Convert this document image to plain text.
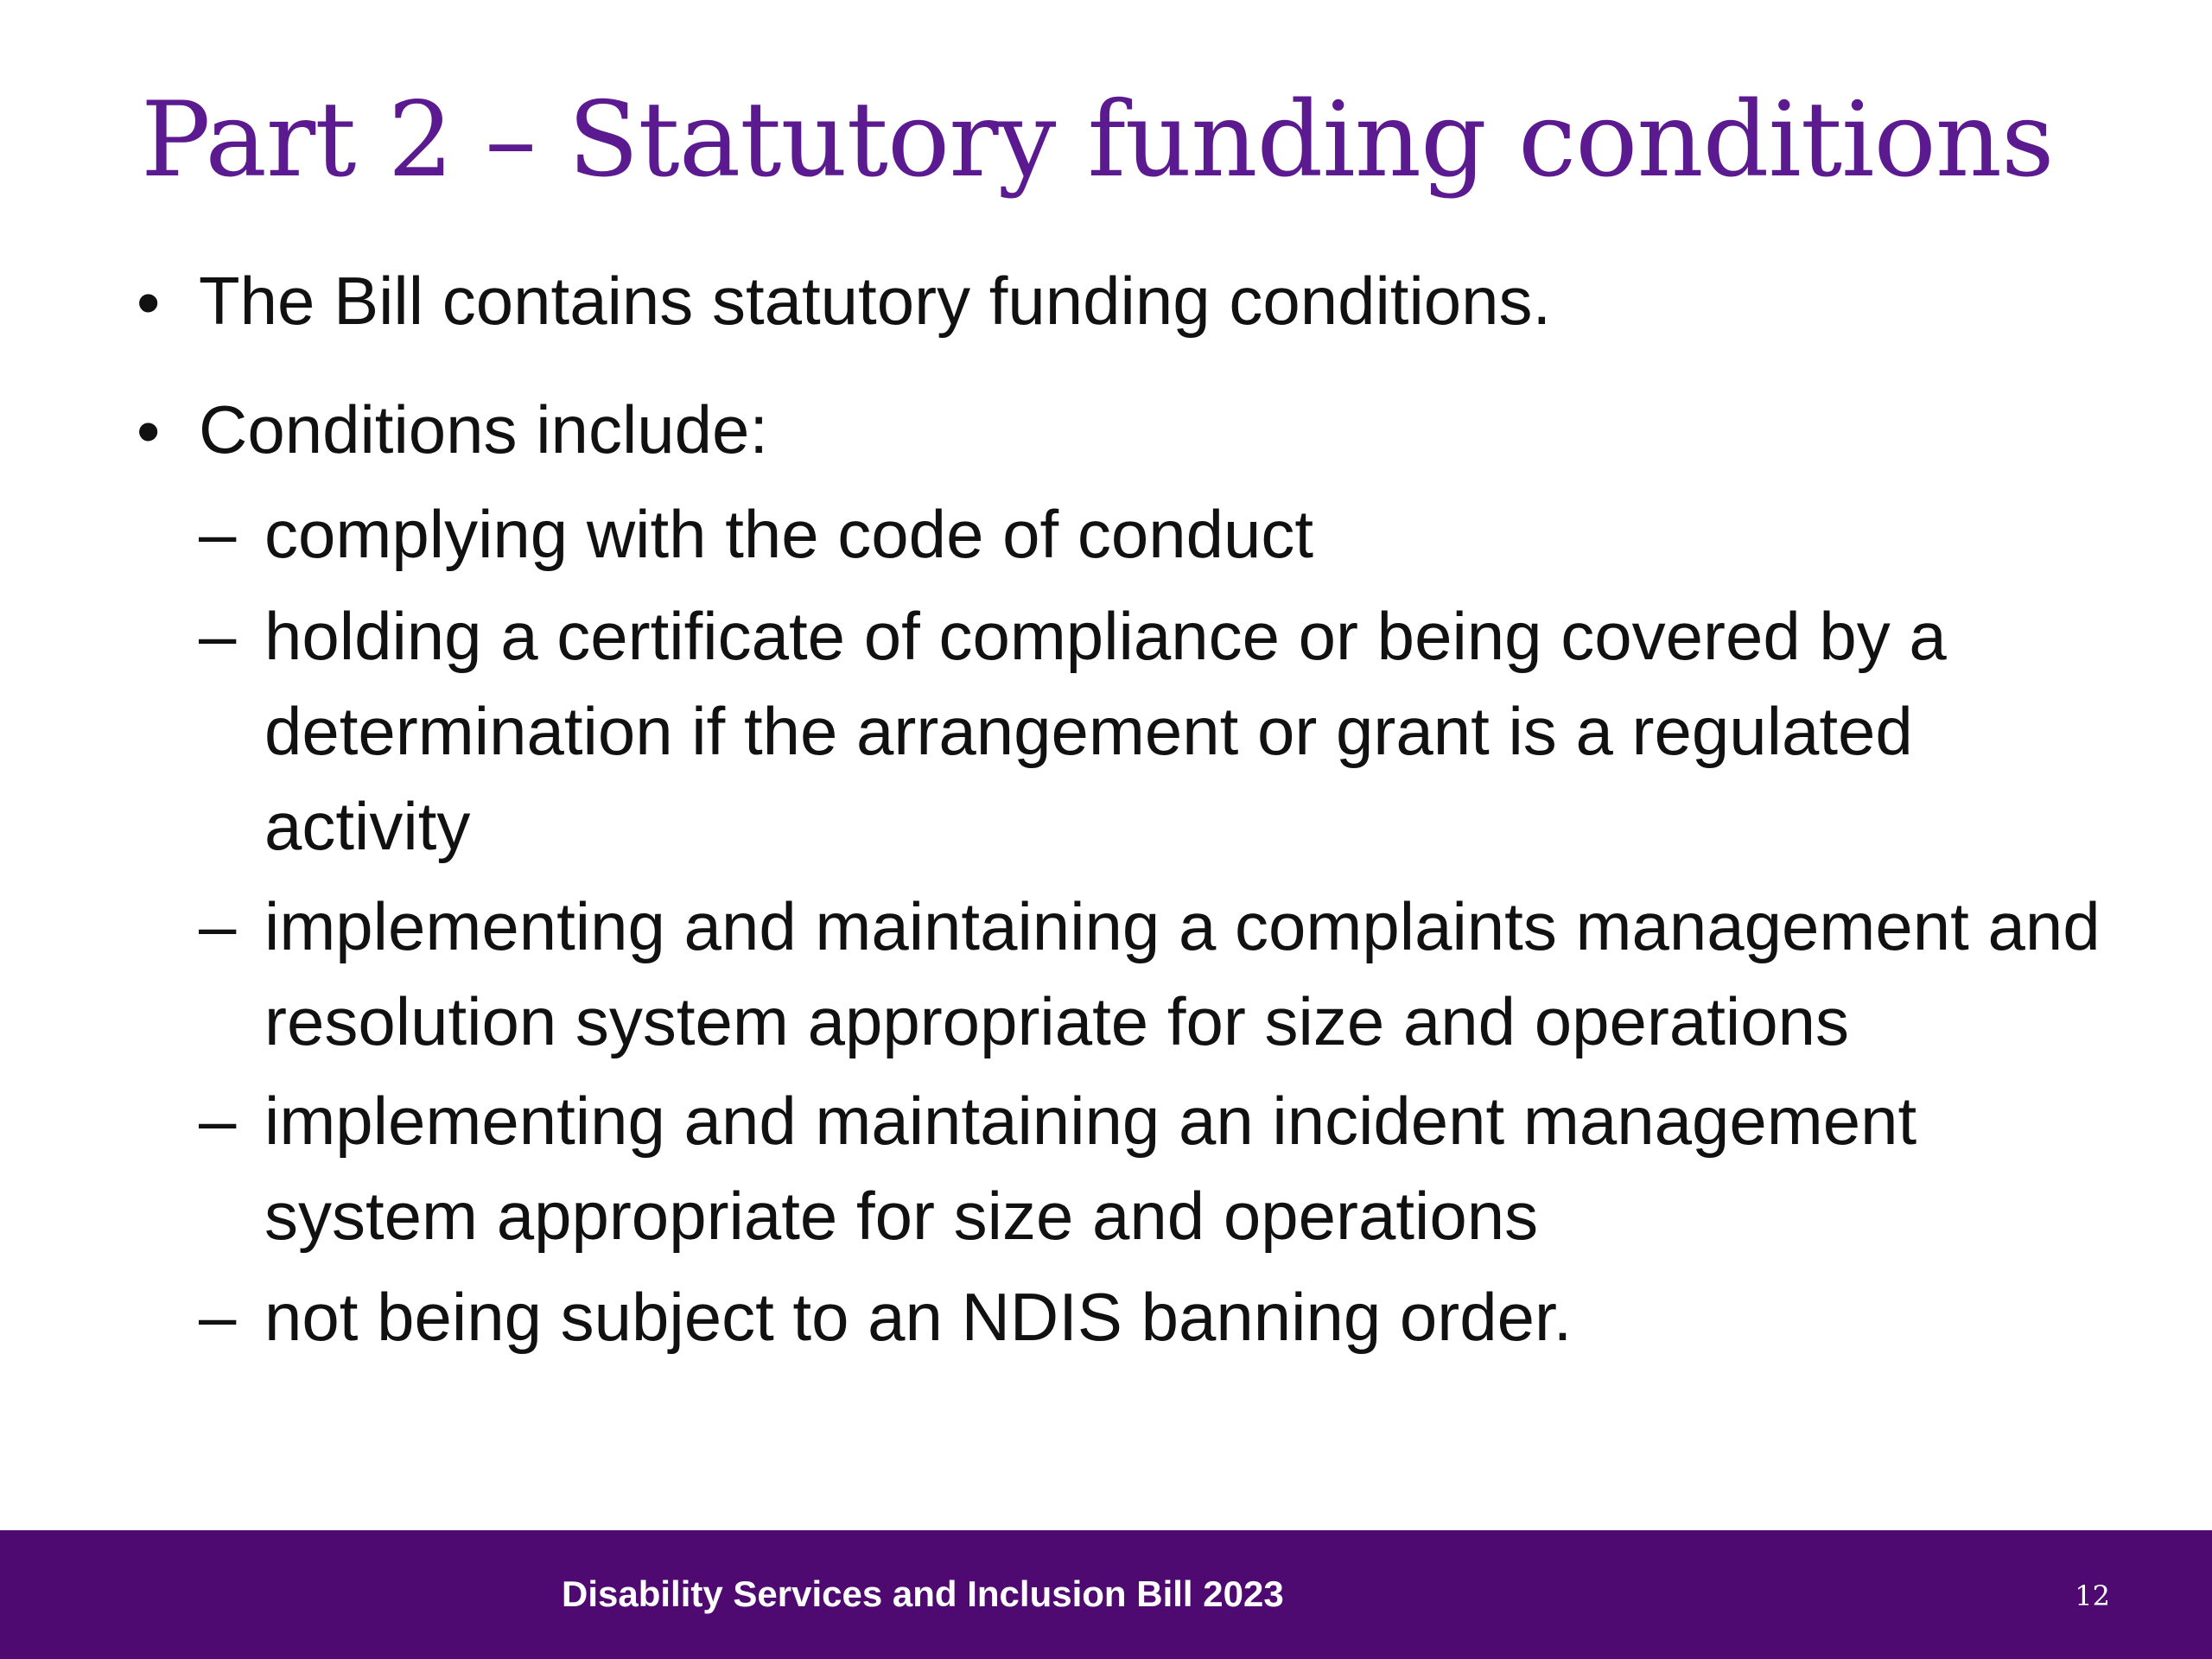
Part 2 – Statutory funding conditions
• The Bill contains statutory funding conditions.
• Conditions include:
– complying with the code of conduct
– holding a certificate of compliance or being covered by a determination if the arrangement or grant is a regulated activity
– implementing and maintaining a complaints management and resolution system appropriate for size and operations
– implementing and maintaining an incident management system appropriate for size and operations
– not being subject to an NDIS banning order.
Disability Services and Inclusion Bill 2023	12
